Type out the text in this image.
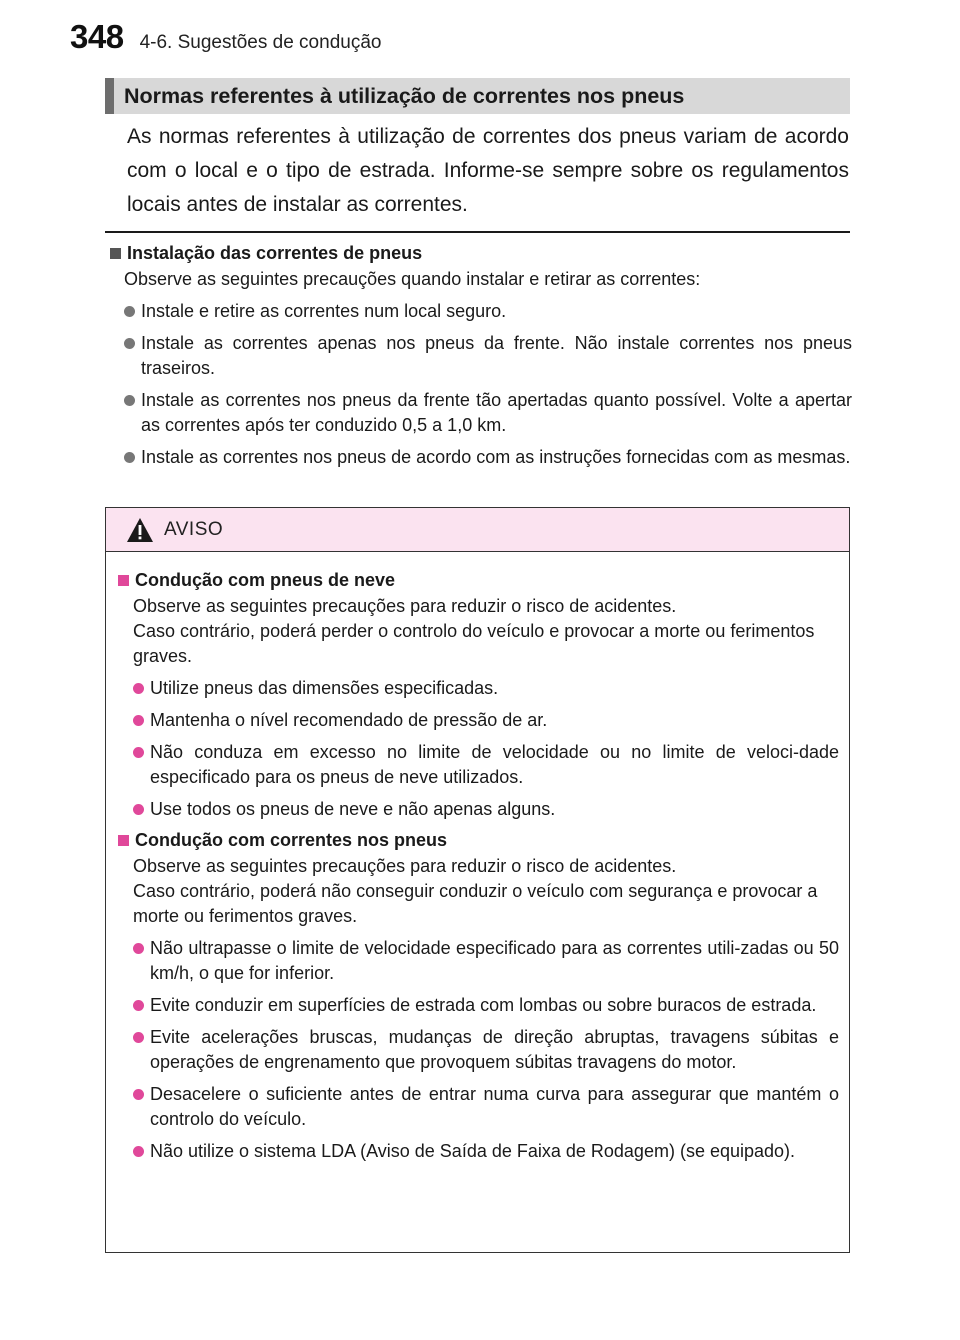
348 4-6. Sugestões de condução
Normas referentes à utilização de correntes nos pneus

As normas referentes à utilização de correntes dos pneus variam de acordo com o local e o tipo de estrada. Informe-se sempre sobre os regulamentos locais antes de instalar as correntes.

Instalação das correntes de pneus

Observe as seguintes precauções quando instalar e retirar as correntes:

Instale e retire as correntes num local seguro.
Instale as correntes apenas nos pneus da frente. Não instale correntes nos pneus traseiros.
Instale as correntes nos pneus da frente tão apertadas quanto possível. Volte a apertar as correntes após ter conduzido 0,5 a 1,0 km.
Instale as correntes nos pneus de acordo com as instruções fornecidas com as mesmas.
AVISO

Condução com pneus de neve

Observe as seguintes precauções para reduzir o risco de acidentes.

Caso contrário, poderá perder o controlo do veículo e provocar a morte ou ferimentos graves.

Utilize pneus das dimensões especificadas.
Mantenha o nível recomendado de pressão de ar.
Não conduza em excesso no limite de velocidade ou no limite de veloci-dade especificado para os pneus de neve utilizados.
Use todos os pneus de neve e não apenas alguns.

Condução com correntes nos pneus

Observe as seguintes precauções para reduzir o risco de acidentes.

Caso contrário, poderá não conseguir conduzir o veículo com segurança e provocar a morte ou ferimentos graves.

Não ultrapasse o limite de velocidade especificado para as correntes utili-zadas ou 50 km/h, o que for inferior.
Evite conduzir em superfícies de estrada com lombas ou sobre buracos de estrada.
Evite acelerações bruscas, mudanças de direção abruptas, travagens súbitas e operações de engrenamento que provoquem súbitas travagens do motor.
Desacelere o suficiente antes de entrar numa curva para assegurar que mantém o controlo do veículo.
Não utilize o sistema LDA (Aviso de Saída de Faixa de Rodagem) (se equipado).
